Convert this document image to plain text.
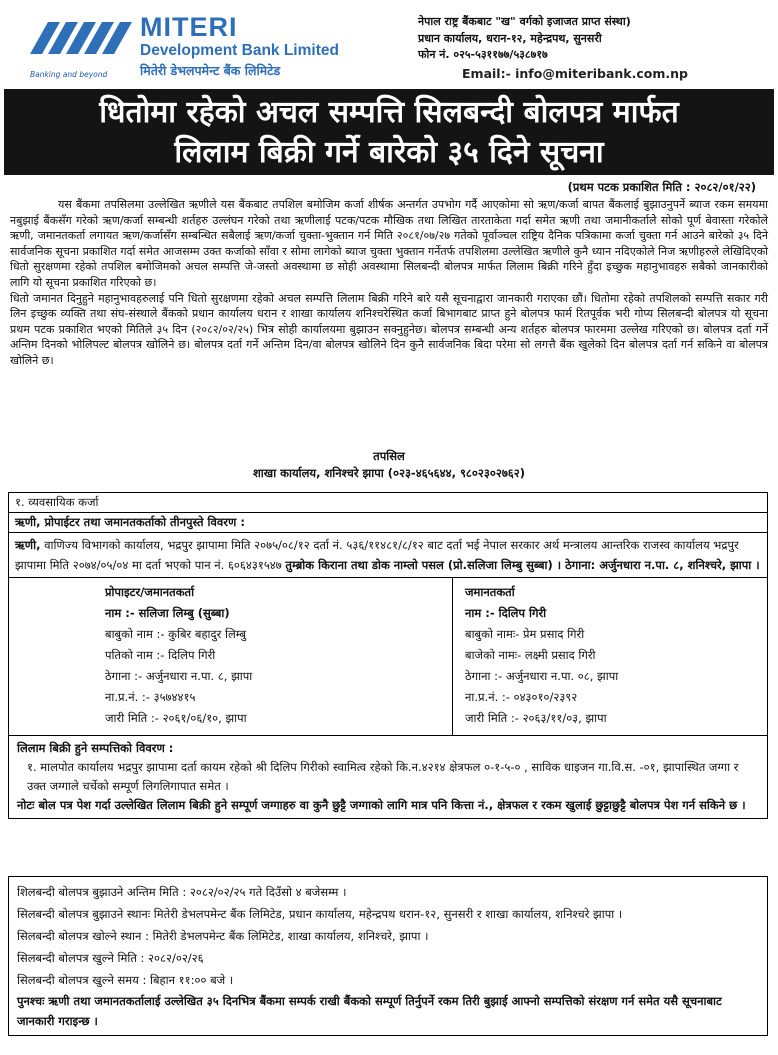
Banking and beyond
MITERI
Development Bank Limited
मितेरी डेभलपमेन्ट बैंक लिमिटेड
नेपाल राष्ट्र बैंकबाट "ख" वर्गको इजाजत प्राप्त संस्था)
प्रधान कार्यालय, धरान-१२, महेन्द्रपथ, सुनसरी
फोन नं. ०२५-५३११७७/५३८७१७
Email:- info@miteribank.com.np
धितोमा रहेको अचल सम्पत्ति सिलबन्दी बोलपत्र मार्फत
लिलाम बिक्री गर्ने बारेको ३५ दिने सूचना
(प्रथम पटक प्रकाशित मिति : २०८२/०१/२२)

यस बैंकमा तपसिलमा उल्लेखित ऋणीले यस बैंकबाट तपशिल बमोजिम कर्जा शीर्षक अन्तर्गत उपभोग गर्दै आएकोमा सो ऋण/कर्जा बापत बैंकलाई बुझाउनुपर्ने ब्याज रकम समयमा नबुझाई बैंकसँग गरेको ऋण/कर्जा सम्बन्धी शर्तहरु उल्लंघन गरेको तथा ऋणीलाई पटक/पटक मौखिक तथा लिखित तारताकेता गर्दा समेत ऋणी तथा जमानीकर्तालेे सोको पूर्ण बेवास्ता गरेकोले ऋणी, जमानतकर्ता लगायत ऋण/कर्जासँग सम्बन्धित सबैलाई ऋण/कर्जा चुक्ता-भुक्तान गर्न मिति २०८१/०७/२७ गतेको पूर्वाञ्चल राष्ट्रिय दैनिक पत्रिकामा कर्जा चुक्ता गर्न आउने बारेको ३५ दिने सार्वजनिक सूचना प्रकाशित गर्दा समेत आजसम्म उक्त कर्जाको साँवा र सोमा लागेको ब्याज चुक्ता भुक्तान गर्नेतर्फ तपशिलमा उल्लेखित ऋणीले कुनै ध्यान नदिएकोले निज ऋणीहरुले लेखिदिएको धितो सुरक्षणमा रहेको तपशिल बमोजिमको अचल सम्पत्ति जे-जस्तो अवस्थामा छ सोही अवस्थामा सिलबन्दी बोलपत्र मार्फत लिलाम बिक्री गरिने हुँदा इच्छुक महानुभावहरु सबैको जानकारीको लागि यो सूचना प्रकाशित गरिएको छ।

धितो जमानत दिनुहुने महानुभावहरुलाई पनि धितो सुरक्षणमा रहेको अचल सम्पत्ति लिलाम बिक्री गरिने बारे यसै सूचनाद्वारा जानकारी गराएका छौं। धितोमा रहेको तपशिलको सम्पत्ति सकार गरी लिन इच्छुक व्यक्ति तथा संघ-संस्थाले बैंकको प्रधान कार्यालय धरान र शाखा कार्यालय शनिश्चरेस्थित कर्जा बिभागबाट प्राप्त हुने बोलपत्र फार्म रितपूर्वक भरी गोप्य सिलबन्दी बोलपत्र यो सूचना प्रथम पटक प्रकाशित भएको मितिले ३५ दिन (२०८२/०२/२५) भित्र सोही कार्यालयमा बुझाउन सक्नुहुनेछ। बोलपत्र सम्बन्धी अन्य शर्तहरु बोलपत्र फारममा उल्लेख गरिएको छ। बोलपत्र दर्ता गर्ने अन्तिम दिनको भोलिपल्ट बोलपत्र खोलिने छ। बोलपत्र दर्ता गर्ने अन्तिम दिन/वा बोलपत्र खोलिने दिन कुनै सार्वजनिक बिदा परेमा सो लगत्तै बैंक खुलेको दिन बोलपत्र दर्ता गर्न सकिने वा बोलपत्र खोलिने छ।

तपसिल
शाखा कार्यालय, शनिश्चरे झापा (०२३-४६५६४४, ९८०२३०२७६२)
१. व्यवसायिक कर्जा
ऋणी, प्रोपाईटर तथा जमानतकर्ताको तीनपुस्ते विवरण :
ऋणी, वाणिज्य विभागको कार्यालय, भद्रपुर झापामा मिति २०७५/०८/१२ दर्ता नं. ५३६/११४८१/८/१२ बाट दर्ता भई नेपाल सरकार अर्थ मन्त्रालय आन्तरिक राजस्व कार्यालय भद्रपुर झापामा मिति २०७४/०५/०४ मा दर्ता भएको पान नं. ६०६४३१५४७ तुम्ब्रोक किराना तथा डोक नाम्लो पसल (प्रो.सलिजा लिम्बु सुब्बा) । ठेगाना: अर्जुनधारा न.पा. ८, शनिश्चरे, झापा ।
प्रोपाइटर/जमानतकर्ता
नाम :- सलिजा लिम्बु (सुब्बा)
बाबुको नाम :- कुबिर बहादुर लिम्बु
पतिको नाम :- दिलिप गिरी
ठेगाना :- अर्जुनधारा न.पा. ८, झापा
ना.प्र.नं. :- ३५७४४१५
जारी मिति :- २०६१/०६/१०, झापा
जमानतकर्ता
नाम :- दिलिप गिरी
बाबुको नामः- प्रेम प्रसाद गिरी
बाजेको नामः- लक्ष्मी प्रसाद गिरी
ठेगाना :- अर्जुनधारा न.पा. ०८, झापा
ना.प्र.नं. :- ०४३०१०/२३९२
जारी मिति :- २०६३/११/०३, झापा
लिलाम बिक्री हुने सम्पत्तिको विवरण :
१. मालपोत कार्यालय भद्रपुर झापामा दर्ता कायम रहेको श्री दिलिप गिरीको स्वामित्व रहेको कि.न.४२१४ क्षेत्रफल ०-१-५-० , साविक धाइजन गा.वि.स. -०१, झापास्थित जग्गा र उक्त जग्गाले चर्चेको सम्पूर्ण लिगलिगापात समेत ।
नोटः बोल पत्र पेश गर्दा उल्लेखित लिलाम बिक्री हुने सम्पूर्ण जग्गाहरु वा कुनै छुट्टै जग्गाको लागि मात्र पनि कित्ता नं., क्षेत्रफल र रकम खुलाई छुट्टाछुट्टै बोलपत्र पेश गर्न सकिने छ ।
शिलबन्दी बोलपत्र बुझाउने अन्तिम मिति : २०८२/०२/२५ गते दिउँसो ४ बजेसम्म ।
सिलबन्दी बोलपत्र बुझाउने स्थानः मितेरी डेभलपमेन्ट बैंक लिमिटेड, प्रधान कार्यालय, महेन्द्रपथ धरान-१२, सुनसरी र शाखा कार्यालय, शनिश्चरे झापा ।
सिलबन्दी बोलपत्र खोल्ने स्थान : मितेरी डेभलपमेन्ट बैंक लिमिटेड, शाखा कार्यालय, शनिश्चरे, झापा ।
सिलबन्दी बोलपत्र खुल्ने मिति : २०८२/०२/२६
सिलबन्दी बोलपत्र खुल्ने समय : बिहान ११:०० बजे ।
पुनश्चः ऋणी तथा जमानतकर्तालाई उल्लेखित ३५ दिनभित्र बैंकमा सम्पर्क राखी बैंकको सम्पूर्ण तिर्नुपर्ने रकम तिरी बुझाई आफ्नो सम्पत्तिको संरक्षण गर्न समेत यसै सूचनाबाट जानकारी गराइन्छ ।
